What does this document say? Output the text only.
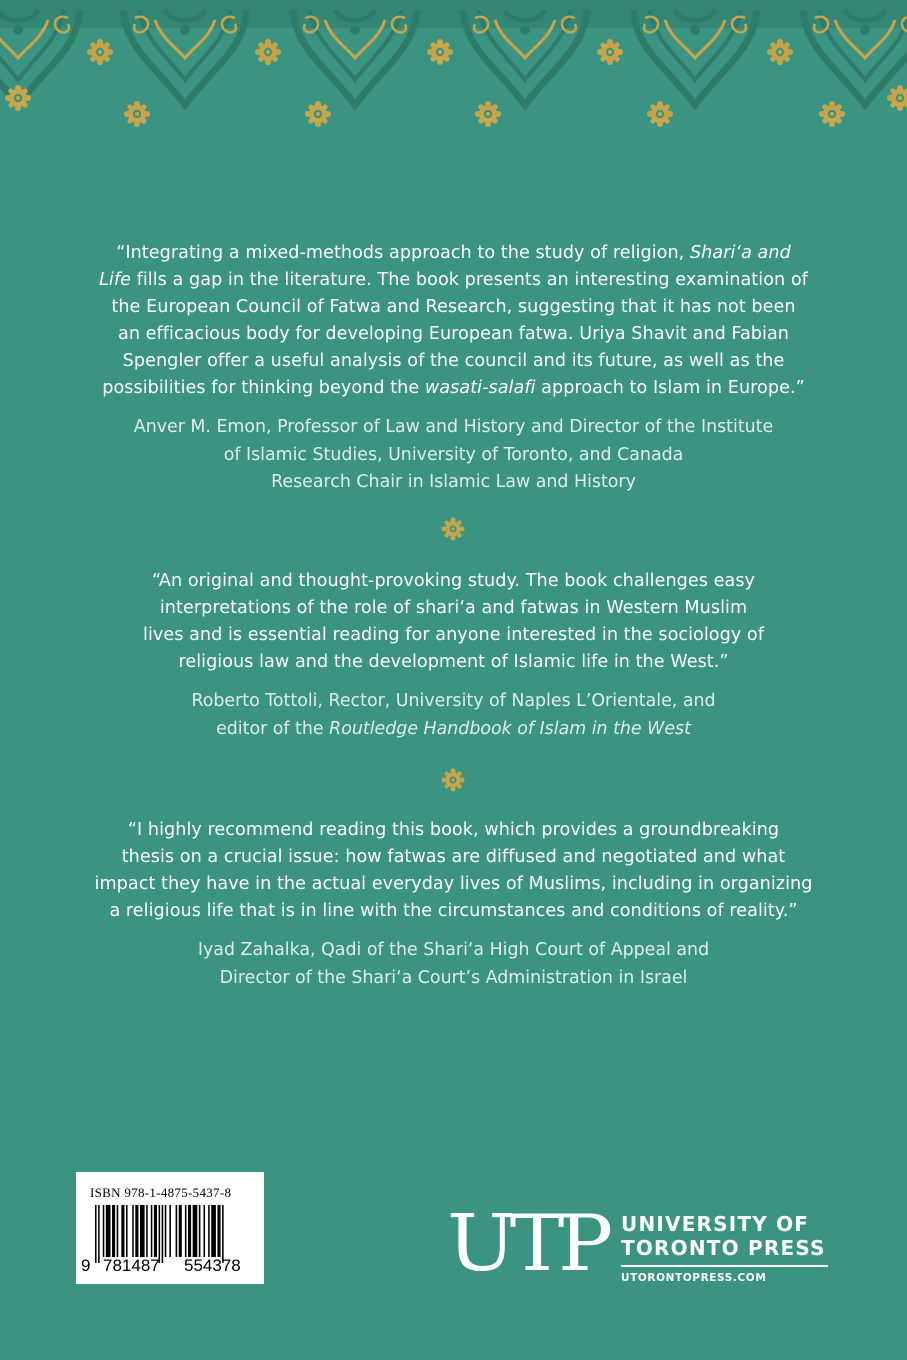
“Integrating a mixed-methods approach to the study of religion, Shari‘a and
Life fills a gap in the literature. The book presents an interesting examination of
the European Council of Fatwa and Research, suggesting that it has not been
an efficacious body for developing European fatwa. Uriya Shavit and Fabian
Spengler offer a useful analysis of the council and its future, as well as the
possibilities for thinking beyond the wasati-salafi approach to Islam in Europe.”

Anver M. Emon, Professor of Law and History and Director of the Institute
of Islamic Studies, University of Toronto, and Canada
Research Chair in Islamic Law and History

“An original and thought-provoking study. The book challenges easy
interpretations of the role of shari‘a and fatwas in Western Muslim
lives and is essential reading for anyone interested in the sociology of
religious law and the development of Islamic life in the West.”

Roberto Tottoli, Rector, University of Naples L’Orientale, and
editor of the Routledge Handbook of Islam in the West

“I highly recommend reading this book, which provides a groundbreaking
thesis on a crucial issue: how fatwas are diffused and negotiated and what
impact they have in the actual everyday lives of Muslims, including in organizing
a religious life that is in line with the circumstances and conditions of reality.”

Iyad Zahalka, Qadi of the Shari‘a High Court of Appeal and
Director of the Shari‘a Court’s Administration in Israel

ISBN 978-1-4875-5437-8
9 781487 554378	UTP UNIVERSITY OF
TORONTO PRESS
UTORONTOPRESS.COM
